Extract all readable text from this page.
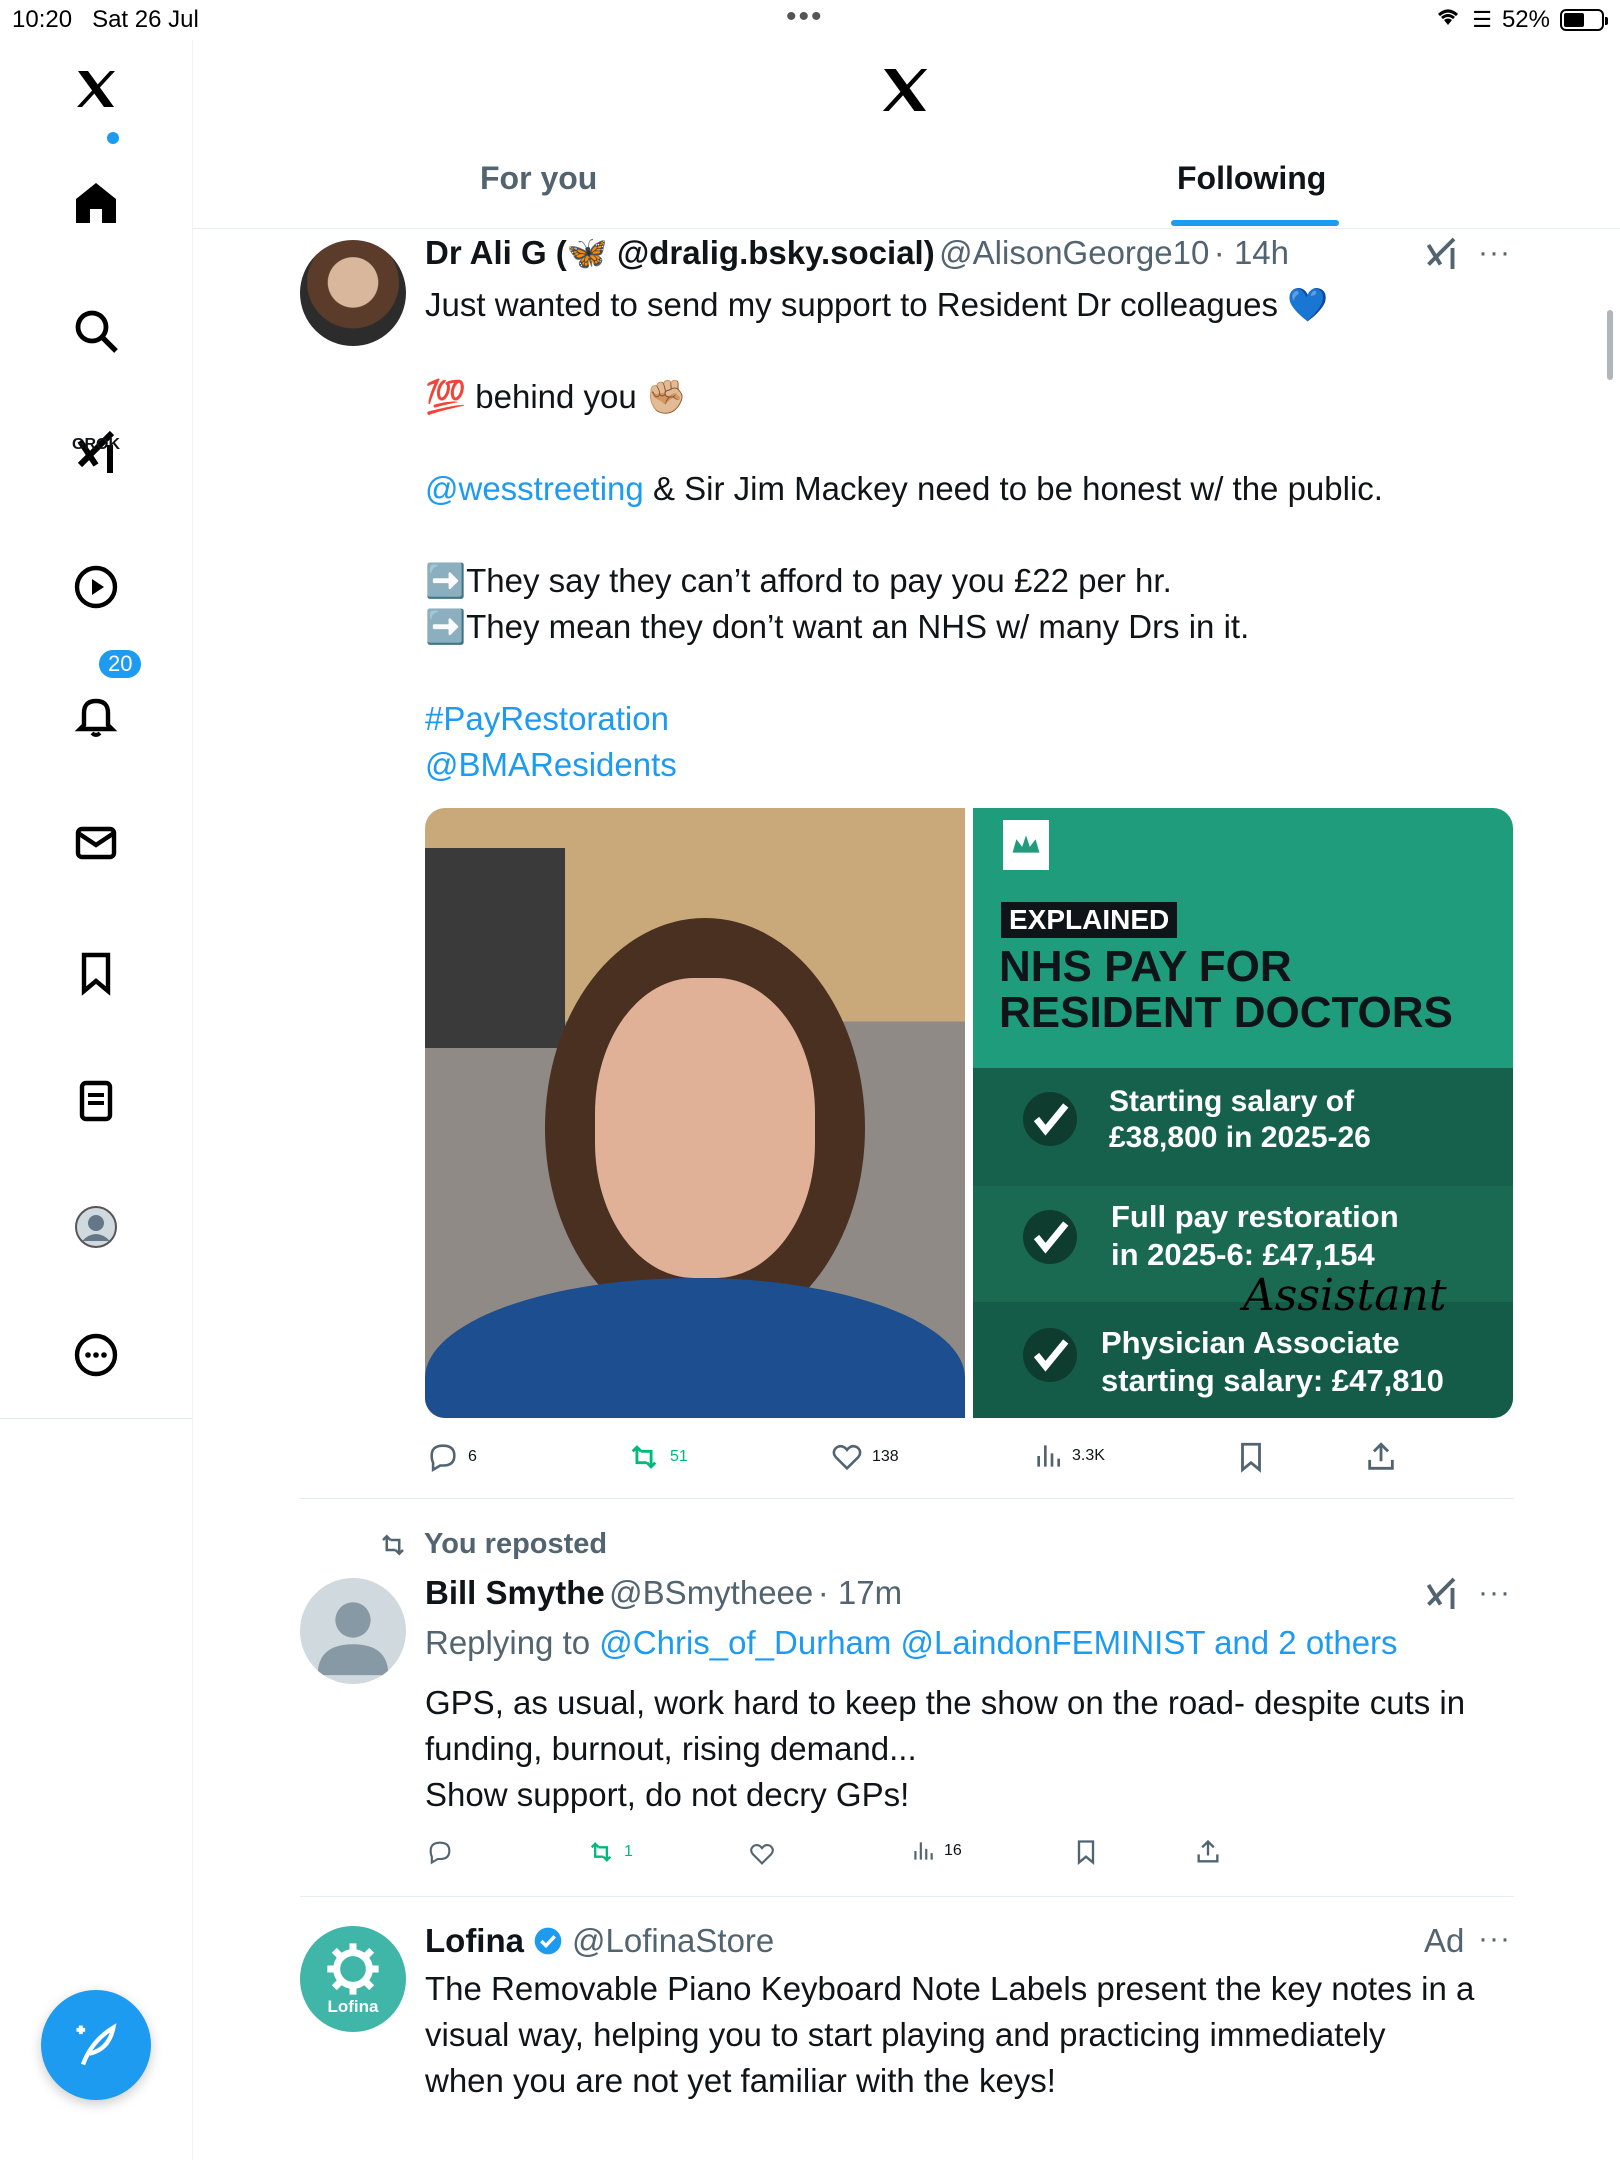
10:20 Sat 26 Jul	•••	☰ 52%
GROK
20
For you	Following
Dr Ali G (🦋 @dralig.bsky.social) @AlisonGeorge10 · 14h	···
Just wanted to send my support to Resident Dr colleagues 💙
💯 behind you ✊🏼
@wesstreeting & Sir Jim Mackey need to be honest w/ the public.
➡️They say they can’t afford to pay you £22 per hr.
➡️They mean they don’t want an NHS w/ many Drs in it.
#PayRestoration
@BMAResidents
EXPLAINED
NHS PAY FOR
RESIDENT DOCTORS
Starting salary of
£38,800 in 2025-26
Full pay restoration
in 2025-6: £47,154
Assistant
Physician Associate
starting salary: £47,810
6	51	138	3.3K
You reposted
Bill Smythe @BSmytheee · 17m	···
Replying to @Chris_of_Durham @LaindonFEMINIST and 2 others
GPS, as usual, work hard to keep the show on the road- despite cuts in
funding, burnout, rising demand...
Show support, do not decry GPs!
1	16
Lofina
Lofina @LofinaStore	Ad ···
The Removable Piano Keyboard Note Labels present the key notes in a
visual way, helping you to start playing and practicing immediately
when you are not yet familiar with the keys!
